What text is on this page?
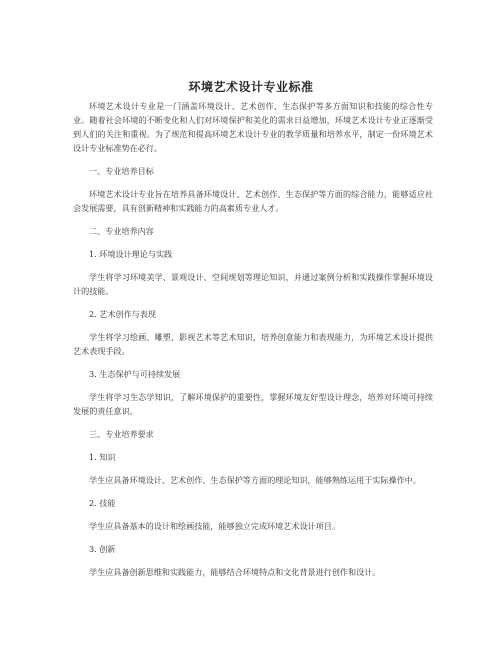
环境艺术设计专业标准

环境艺术设计专业是一门涵盖环境设计、艺术创作、生态保护等多方面知识和技能的综合性专业。随着社会环境的不断变化和人们对环境保护和美化的需求日益增加，环境艺术设计专业正逐渐受到人们的关注和重视。为了规范和提高环境艺术设计专业的教学质量和培养水平，制定一份环境艺术设计专业标准势在必行。

一、专业培养目标

环境艺术设计专业旨在培养具备环境设计、艺术创作、生态保护等方面的综合能力，能够适应社会发展需要，具有创新精神和实践能力的高素质专业人才。

二、专业培养内容

1. 环境设计理论与实践

学生将学习环境美学、景观设计、空间规划等理论知识，并通过案例分析和实践操作掌握环境设计的技能。

2. 艺术创作与表现

学生将学习绘画、雕塑、影视艺术等艺术知识，培养创意能力和表现能力，为环境艺术设计提供艺术表现手段。

3. 生态保护与可持续发展

学生将学习生态学知识，了解环境保护的重要性，掌握环境友好型设计理念，培养对环境可持续发展的责任意识。

三、专业培养要求

1. 知识

学生应具备环境设计、艺术创作、生态保护等方面的理论知识，能够熟练运用于实际操作中。

2. 技能

学生应具备基本的设计和绘画技能，能够独立完成环境艺术设计项目。

3. 创新

学生应具备创新思维和实践能力，能够结合环境特点和文化背景进行创作和设计。
